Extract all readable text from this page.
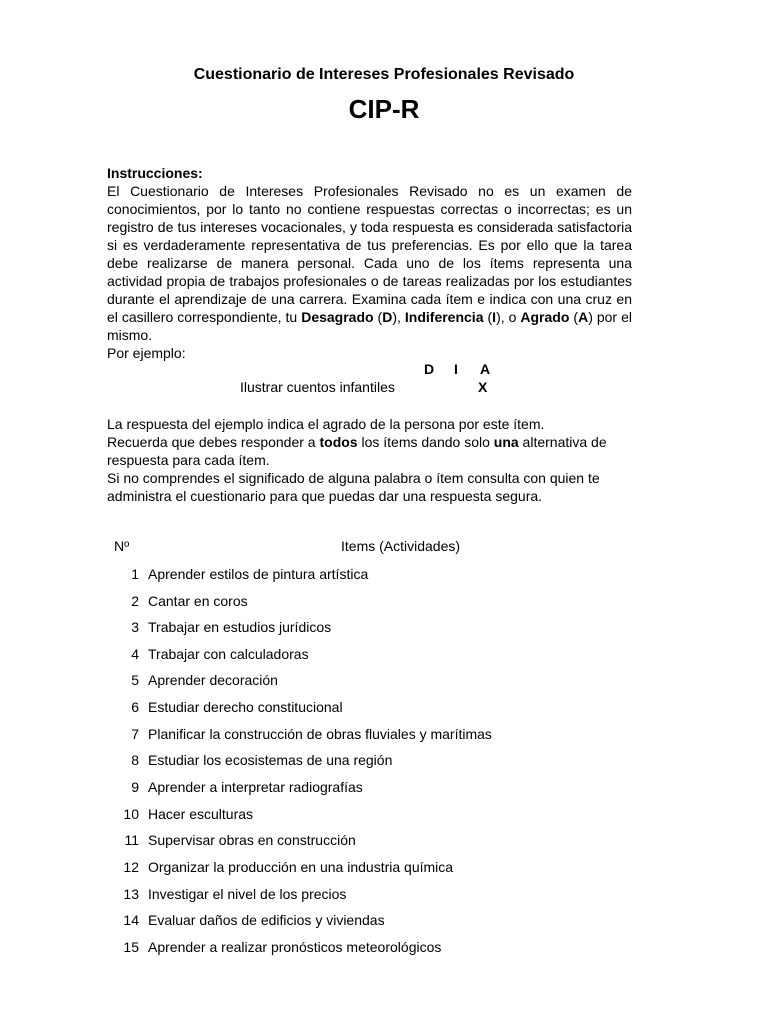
Cuestionario de Intereses Profesionales Revisado
CIP-R
Instrucciones:
El Cuestionario de Intereses Profesionales Revisado no es un examen de conocimientos, por lo tanto no contiene respuestas correctas o incorrectas; es un registro de tus intereses vocacionales, y toda respuesta es considerada satisfactoria si es verdaderamente representativa de tus preferencias. Es por ello que la tarea debe realizarse de manera personal. Cada uno de los ítems representa una actividad propia de trabajos profesionales o de tareas realizadas por los estudiantes durante el aprendizaje de una carrera. Examina cada ítem e indica con una cruz en el casillero correspondiente, tu Desagrado (D), Indiferencia (I), o Agrado (A) por el mismo.
Por ejemplo:
D I A
Ilustrar cuentos infantiles	X
La respuesta del ejemplo indica el agrado de la persona por este ítem.
Recuerda que debes responder a todos los ítems dando solo una alternativa de respuesta para cada ítem.
Si no comprendes el significado de alguna palabra o ítem consulta con quien te administra el cuestionario para que puedas dar una respuesta segura.
Nº	Items (Actividades)
1 Aprender estilos de pintura artística
2 Cantar en coros
3 Trabajar en estudios jurídicos
4 Trabajar con calculadoras
5 Aprender decoración
6 Estudiar derecho constitucional
7 Planificar la construcción de obras fluviales y marítimas
8 Estudiar los ecosistemas de una región
9 Aprender a interpretar radiografías
10 Hacer esculturas
11 Supervisar obras en construcción
12 Organizar la producción en una industria química
13 Investigar el nivel de los precios
14 Evaluar daños de edificios y viviendas
15 Aprender a realizar pronósticos meteorológicos
